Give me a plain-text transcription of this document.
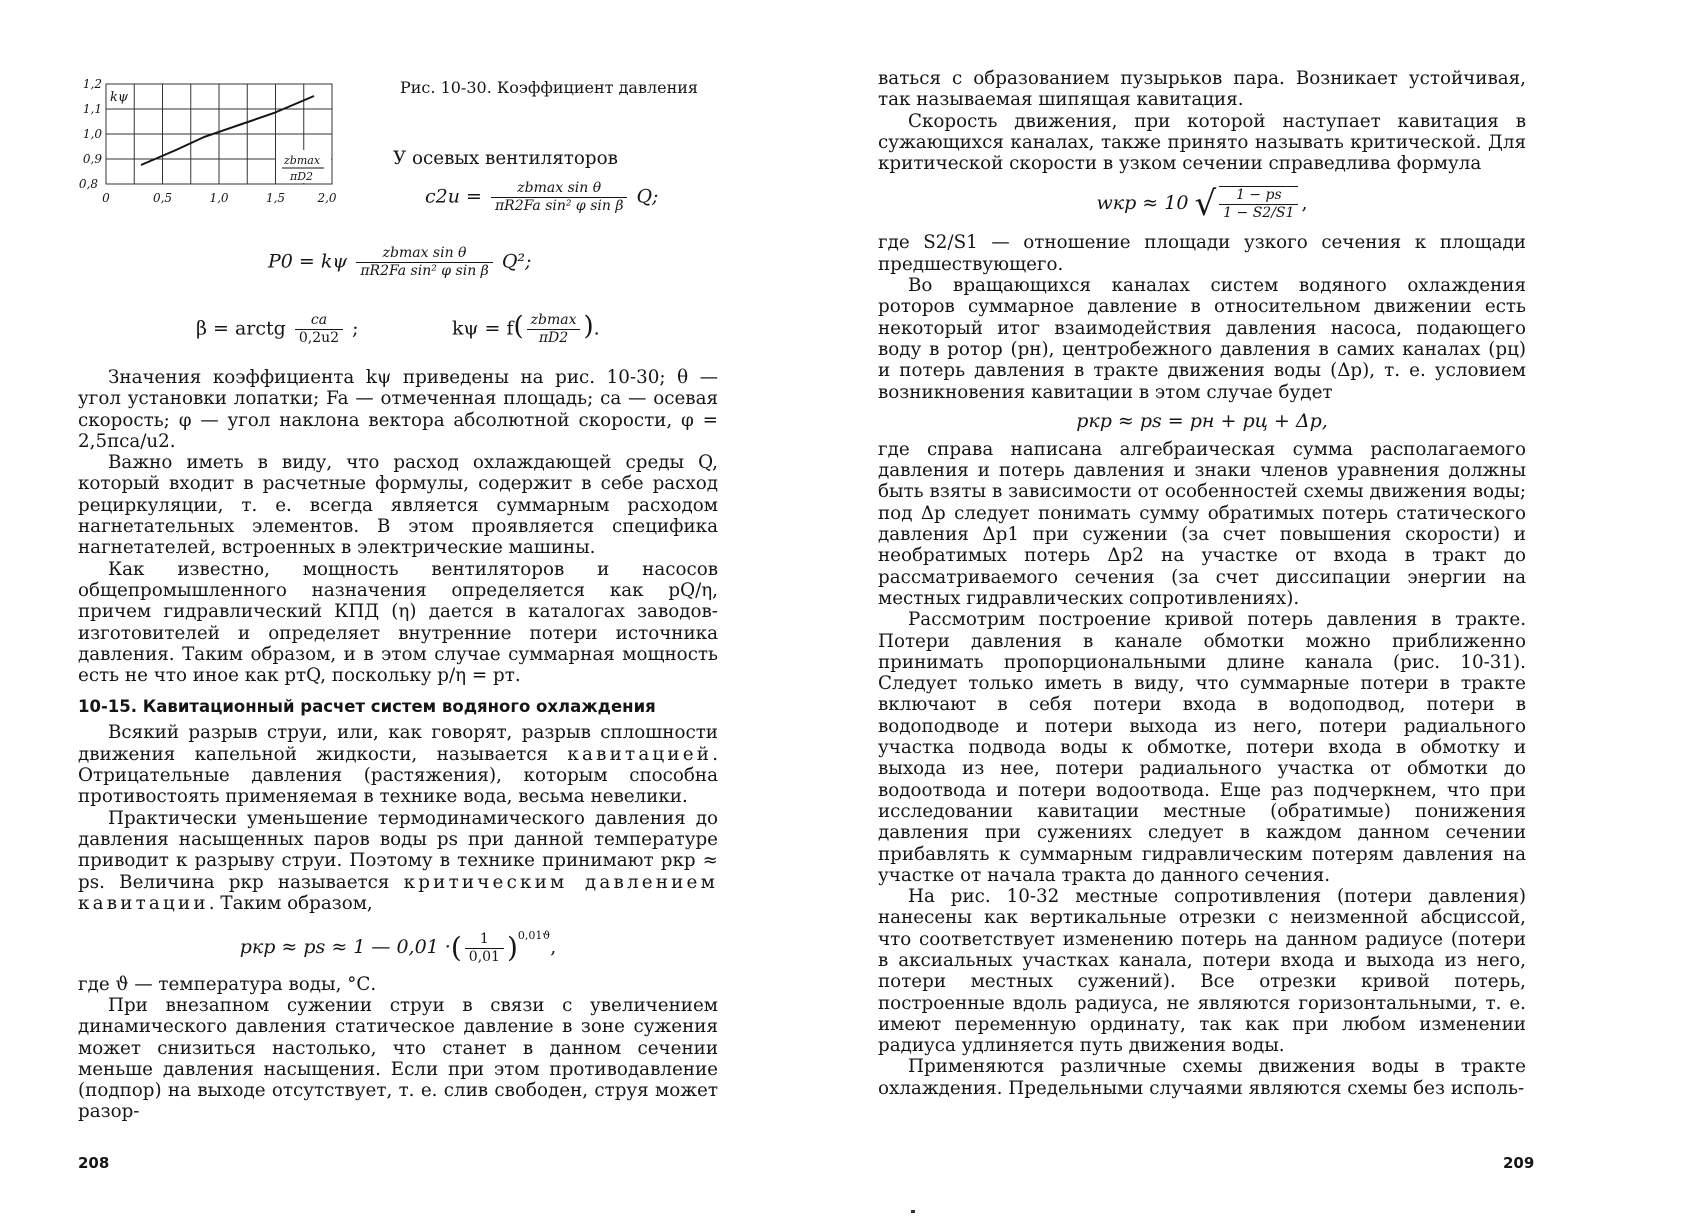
kψ
zbmax
πD2
1,2
1,1
1,0
0,9
0,8
0	0,5	1,0	1,5	2,0

Рис. 10-30. Коэффициент давления

У осевых вентиляторов

$c2u = \frac{\text{zbmax sin θ}}{\text{πR2Fa sin² φ sin β}} Q$;
P0 = kψ $\frac{\text{zbmax sin θ}}{\text{πR2Fa sin² φ sin β}} Q^2$;
β = arctg $\frac{ca}{0,2u2}$ ;	$k\psi = f( \frac{zbmax}{\pi D2}$ ).

Значения коэффициента kψ приведены на рис. 10-30; θ — угол установки лопатки; Fa — отмеченная площадь; ca — осевая скорость; φ — угол наклона вектора абсолютной скорости, φ = 2,5πca/u2.

Важно иметь в виду, что расход охлаждающей среды Q, который входит в расчетные формулы, содержит в себе расход рециркуляции, т. е. всегда является суммарным расходом нагнетательных элементов. В этом проявляется специфика нагнетателей, встроенных в электрические машины.

Как известно, мощность вентиляторов и насосов общепромышленного назначения определяется как pQ/η, причем гидравлический КПД (η) дается в каталогах заводов-изготовителей и определяет внутренние потери источника давления. Таким образом, и в этом случае суммарная мощность есть не что иное как pтQ, поскольку p/η = pт.

10-15. Кавитационный расчет систем водяного охлаждения

Всякий разрыв струи, или, как говорят, разрыв сплошности движения капельной жидкости, называется кавитацией. Отрицательные давления (растяжения), которым способна противостоять применяемая в технике вода, весьма невелики.

Практически уменьшение термодинамического давления до давления насыщенных паров воды ps при данной температуре приводит к разрыву струи. Поэтому в технике принимают pкр ≈ ps. Величина pкр называется критическим давлением кавитации. Таким образом,

pкр ≈ ps ≈ 1 — 0,01 ·( $\frac{1}{0,01} )^{0,01ϑ}$,

где ϑ — температура воды, °С.

При внезапном сужении струи в связи с увеличением динамического давления статическое давление в зоне сужения может снизиться настолько, что станет в данном сечении меньше давления насыщения. Если при этом противодавление (подпор) на выходе отсутствует, т. е. слив свободен, струя может разор-

208

ваться с образованием пузырьков пара. Возникает устойчивая, так называемая шипящая кавитация.

Скорость движения, при которой наступает кавитация в сужающихся каналах, также принято называть критической. Для критической скорости в узком сечении справедлива формула

wкр ≈ 10 √ $\frac{1 - ps}{1 - S2/S1}$ ,

где S2/S1 — отношение площади узкого сечения к площади предшествующего.

Во вращающихся каналах систем водяного охлаждения роторов суммарное давление в относительном движении есть некоторый итог взаимодействия давления насоса, подающего воду в ротор (pн), центробежного давления в самих каналах (pц) и потерь давления в тракте движения воды (Δp), т. е. условием возникновения кавитации в этом случае будет

pкр ≈ ps = pн + pц + Δp,

где справа написана алгебраическая сумма располагаемого давления и потерь давления и знаки членов уравнения должны быть взяты в зависимости от особенностей схемы движения воды; под Δp следует понимать сумму обратимых потерь статического давления Δp1 при сужении (за счет повышения скорости) и необратимых потерь Δp2 на участке от входа в тракт до рассматриваемого сечения (за счет диссипации энергии на местных гидравлических сопротивлениях).

Рассмотрим построение кривой потерь давления в тракте. Потери давления в канале обмотки можно приближенно принимать пропорциональными длине канала (рис. 10-31). Следует только иметь в виду, что суммарные потери в тракте включают в себя потери входа в водоподвод, потери в водоподводе и потери выхода из него, потери радиального участка подвода воды к обмотке, потери входа в обмотку и выхода из нее, потери радиального участка от обмотки до водоотвода и потери водоотвода. Еще раз подчеркнем, что при исследовании кавитации местные (обратимые) понижения давления при сужениях следует в каждом данном сечении прибавлять к суммарным гидравлическим потерям давления на участке от начала тракта до данного сечения.

На рис. 10-32 местные сопротивления (потери давления) нанесены как вертикальные отрезки с неизменной абсциссой, что соответствует изменению потерь на данном радиусе (потери в аксиальных участках канала, потери входа и выхода из него, потери местных сужений). Все отрезки кривой потерь, построенные вдоль радиуса, не являются горизонтальными, т. е. имеют переменную ординату, так как при любом изменении радиуса удлиняется путь движения воды.

Применяются различные схемы движения воды в тракте охлаждения. Предельными случаями являются схемы без исполь-

209
